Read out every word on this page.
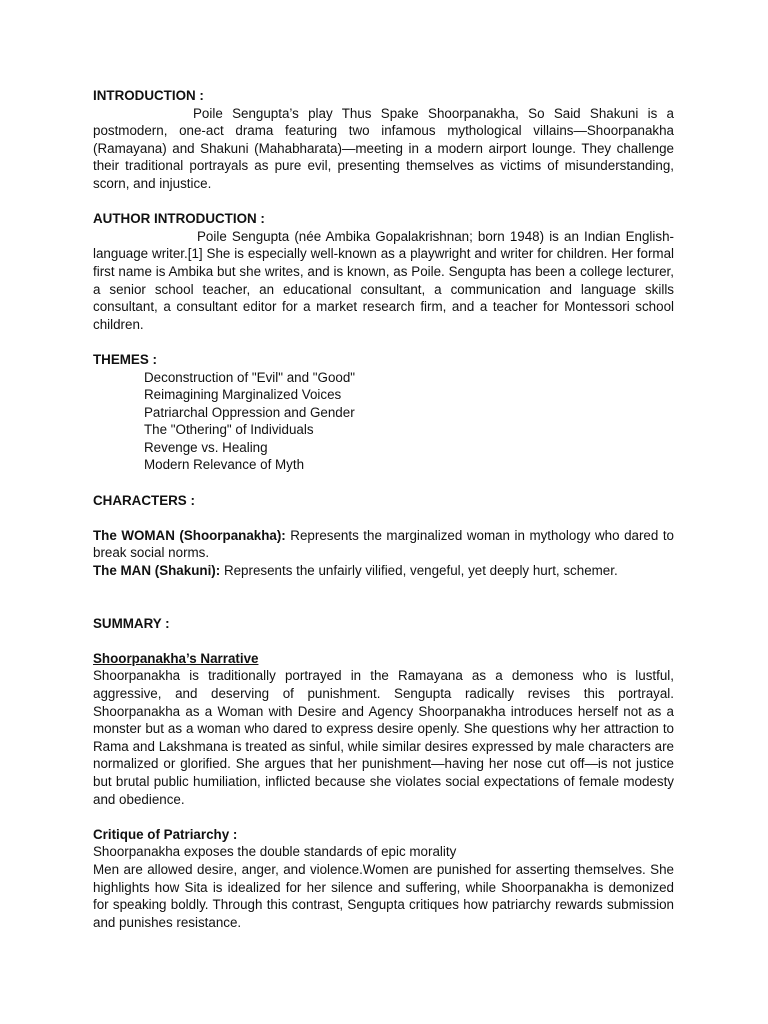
INTRODUCTION :

Poile Sengupta’s play Thus Spake Shoorpanakha, So Said Shakuni is a postmodern, one-act drama featuring two infamous mythological villains—Shoorpanakha (Ramayana) and Shakuni (Mahabharata)—meeting in a modern airport lounge. They challenge their traditional portrayals as pure evil, presenting themselves as victims of misunderstanding, scorn, and injustice.

AUTHOR INTRODUCTION :

Poile Sengupta (née Ambika Gopalakrishnan; born 1948) is an Indian English-language writer.[1] She is especially well-known as a playwright and writer for children. Her formal first name is Ambika but she writes, and is known, as Poile. Sengupta has been a college lecturer, a senior school teacher, an educational consultant, a communication and language skills consultant, a consultant editor for a market research firm, and a teacher for Montessori school children.

THEMES :

Deconstruction of "Evil" and "Good"
Reimagining Marginalized Voices
Patriarchal Oppression and Gender
The "Othering" of Individuals
Revenge vs. Healing
Modern Relevance of Myth

CHARACTERS :

The WOMAN (Shoorpanakha): Represents the marginalized woman in mythology who dared to break social norms.

The MAN (Shakuni): Represents the unfairly vilified, vengeful, yet deeply hurt, schemer.

SUMMARY :

Shoorpanakha’s Narrative

Shoorpanakha is traditionally portrayed in the Ramayana as a demoness who is lustful, aggressive, and deserving of punishment. Sengupta radically revises this portrayal. Shoorpanakha as a Woman with Desire and Agency Shoorpanakha introduces herself not as a monster but as a woman who dared to express desire openly. She questions why her attraction to Rama and Lakshmana is treated as sinful, while similar desires expressed by male characters are normalized or glorified. She argues that her punishment—having her nose cut off—is not justice but brutal public humiliation, inflicted because she violates social expectations of female modesty and obedience.

Critique of Patriarchy :

Shoorpanakha exposes the double standards of epic morality

Men are allowed desire, anger, and violence.Women are punished for asserting themselves. She highlights how Sita is idealized for her silence and suffering, while Shoorpanakha is demonized for speaking boldly. Through this contrast, Sengupta critiques how patriarchy rewards submission and punishes resistance.
